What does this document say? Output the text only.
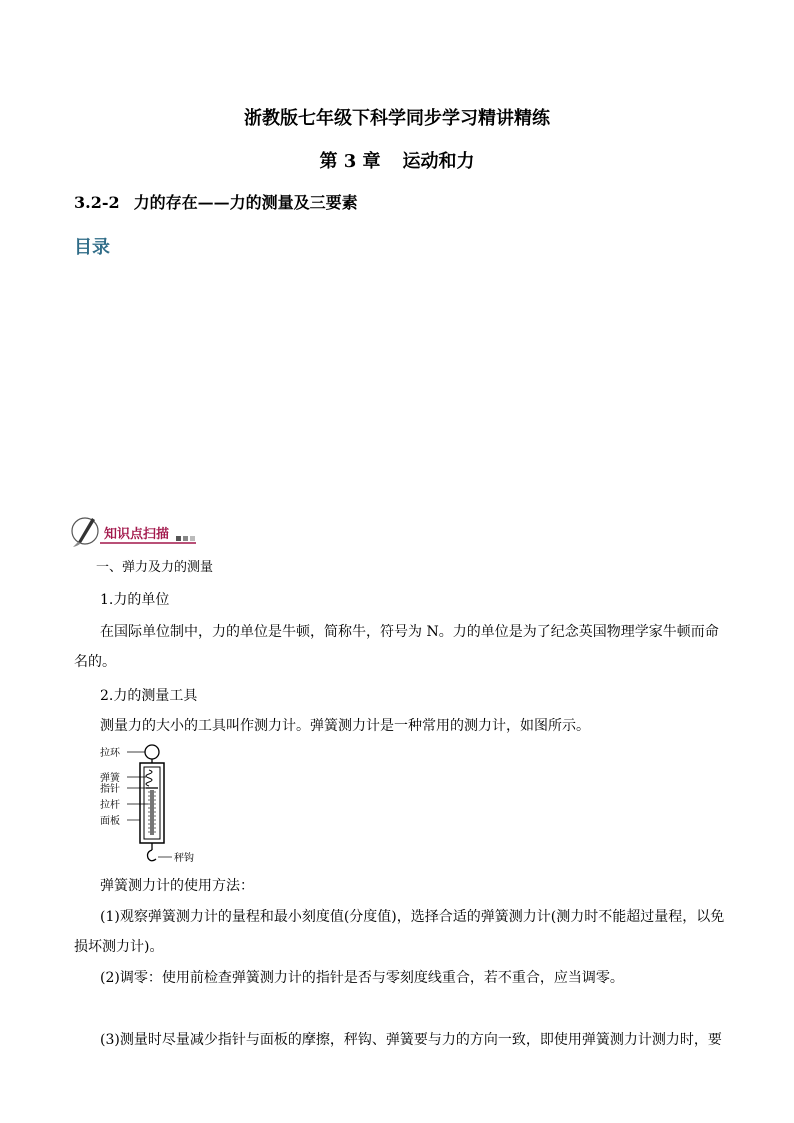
浙教版七年级下科学同步学习精讲精练
第 3 章 运动和力
3.2-2 力的存在——力的测量及三要素
目录
知识点扫描
一、弹力及力的测量
1.力的单位
在国际单位制中，力的单位是牛顿，简称牛，符号为 N。力的单位是为了纪念英国物理学家牛顿而命
名的。
2.力的测量工具
测量力的大小的工具叫作测力计。弹簧测力计是一种常用的测力计，如图所示。
拉环
弹簧
指针
拉杆
面板
秤钩
弹簧测力计的使用方法：
(1)观察弹簧测力计的量程和最小刻度值(分度值)，选择合适的弹簧测力计(测力时不能超过量程，以免
损坏测力计)。
(2)调零：使用前检查弹簧测力计的指针是否与零刻度线重合，若不重合，应当调零。
(3)测量时尽量减少指针与面板的摩擦，秤钩、弹簧要与力的方向一致，即使用弹簧测力计测力时，要
